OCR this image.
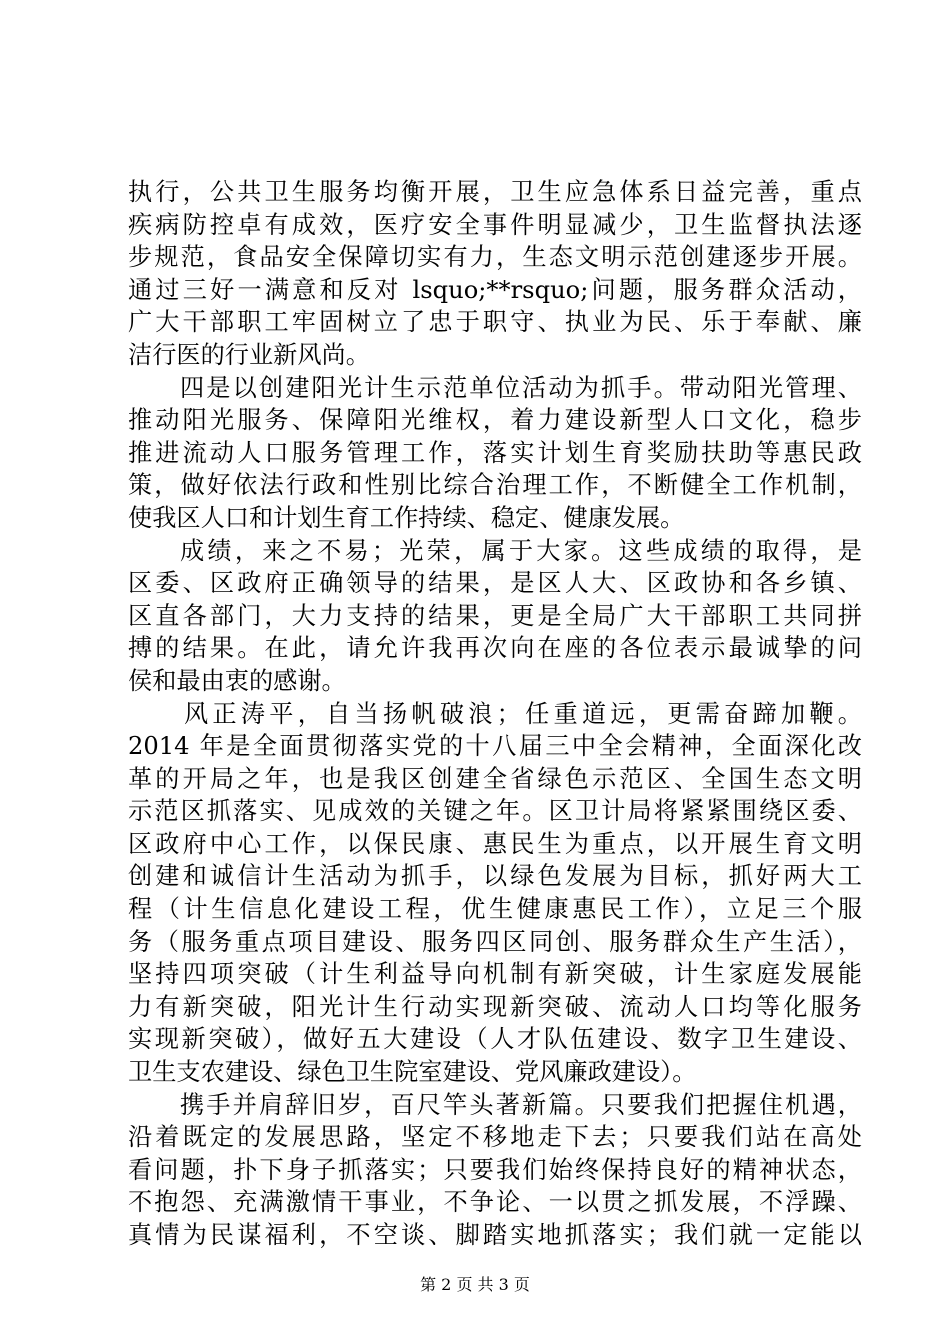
执行，公共卫生服务均衡开展，卫生应急体系日益完善，重点
疾病防控卓有成效，医疗安全事件明显减少，卫生监督执法逐
步规范，食品安全保障切实有力，生态文明示范创建逐步开展。
通过三好一满意和反对 lsquo;**rsquo;问题，服务群众活动，
广大干部职工牢固树立了忠于职守、执业为民、乐于奉献、廉
洁行医的行业新风尚。
四是以创建阳光计生示范单位活动为抓手。带动阳光管理、
推动阳光服务、保障阳光维权，着力建设新型人口文化，稳步
推进流动人口服务管理工作，落实计划生育奖励扶助等惠民政
策，做好依法行政和性别比综合治理工作，不断健全工作机制，
使我区人口和计划生育工作持续、稳定、健康发展。
成绩，来之不易；光荣，属于大家。这些成绩的取得，是
区委、区政府正确领导的结果，是区人大、区政协和各乡镇、
区直各部门，大力支持的结果，更是全局广大干部职工共同拼
搏的结果。在此，请允许我再次向在座的各位表示最诚挚的问
侯和最由衷的感谢。
风正涛平，自当扬帆破浪；任重道远，更需奋蹄加鞭。
2014 年是全面贯彻落实党的十八届三中全会精神，全面深化改
革的开局之年，也是我区创建全省绿色示范区、全国生态文明
示范区抓落实、见成效的关键之年。区卫计局将紧紧围绕区委、
区政府中心工作，以保民康、惠民生为重点，以开展生育文明
创建和诚信计生活动为抓手，以绿色发展为目标，抓好两大工
程（计生信息化建设工程，优生健康惠民工作），立足三个服
务（服务重点项目建设、服务四区同创、服务群众生产生活），
坚持四项突破（计生利益导向机制有新突破，计生家庭发展能
力有新突破，阳光计生行动实现新突破、流动人口均等化服务
实现新突破），做好五大建设（人才队伍建设、数字卫生建设、
卫生支农建设、绿色卫生院室建设、党风廉政建设）。
携手并肩辞旧岁，百尺竿头著新篇。只要我们把握住机遇，
沿着既定的发展思路，坚定不移地走下去；只要我们站在高处
看问题，扑下身子抓落实；只要我们始终保持良好的精神状态，
不抱怨、充满激情干事业，不争论、一以贯之抓发展，不浮躁、
真情为民谋福利，不空谈、脚踏实地抓落实；我们就一定能以
第 2 页 共 3 页
